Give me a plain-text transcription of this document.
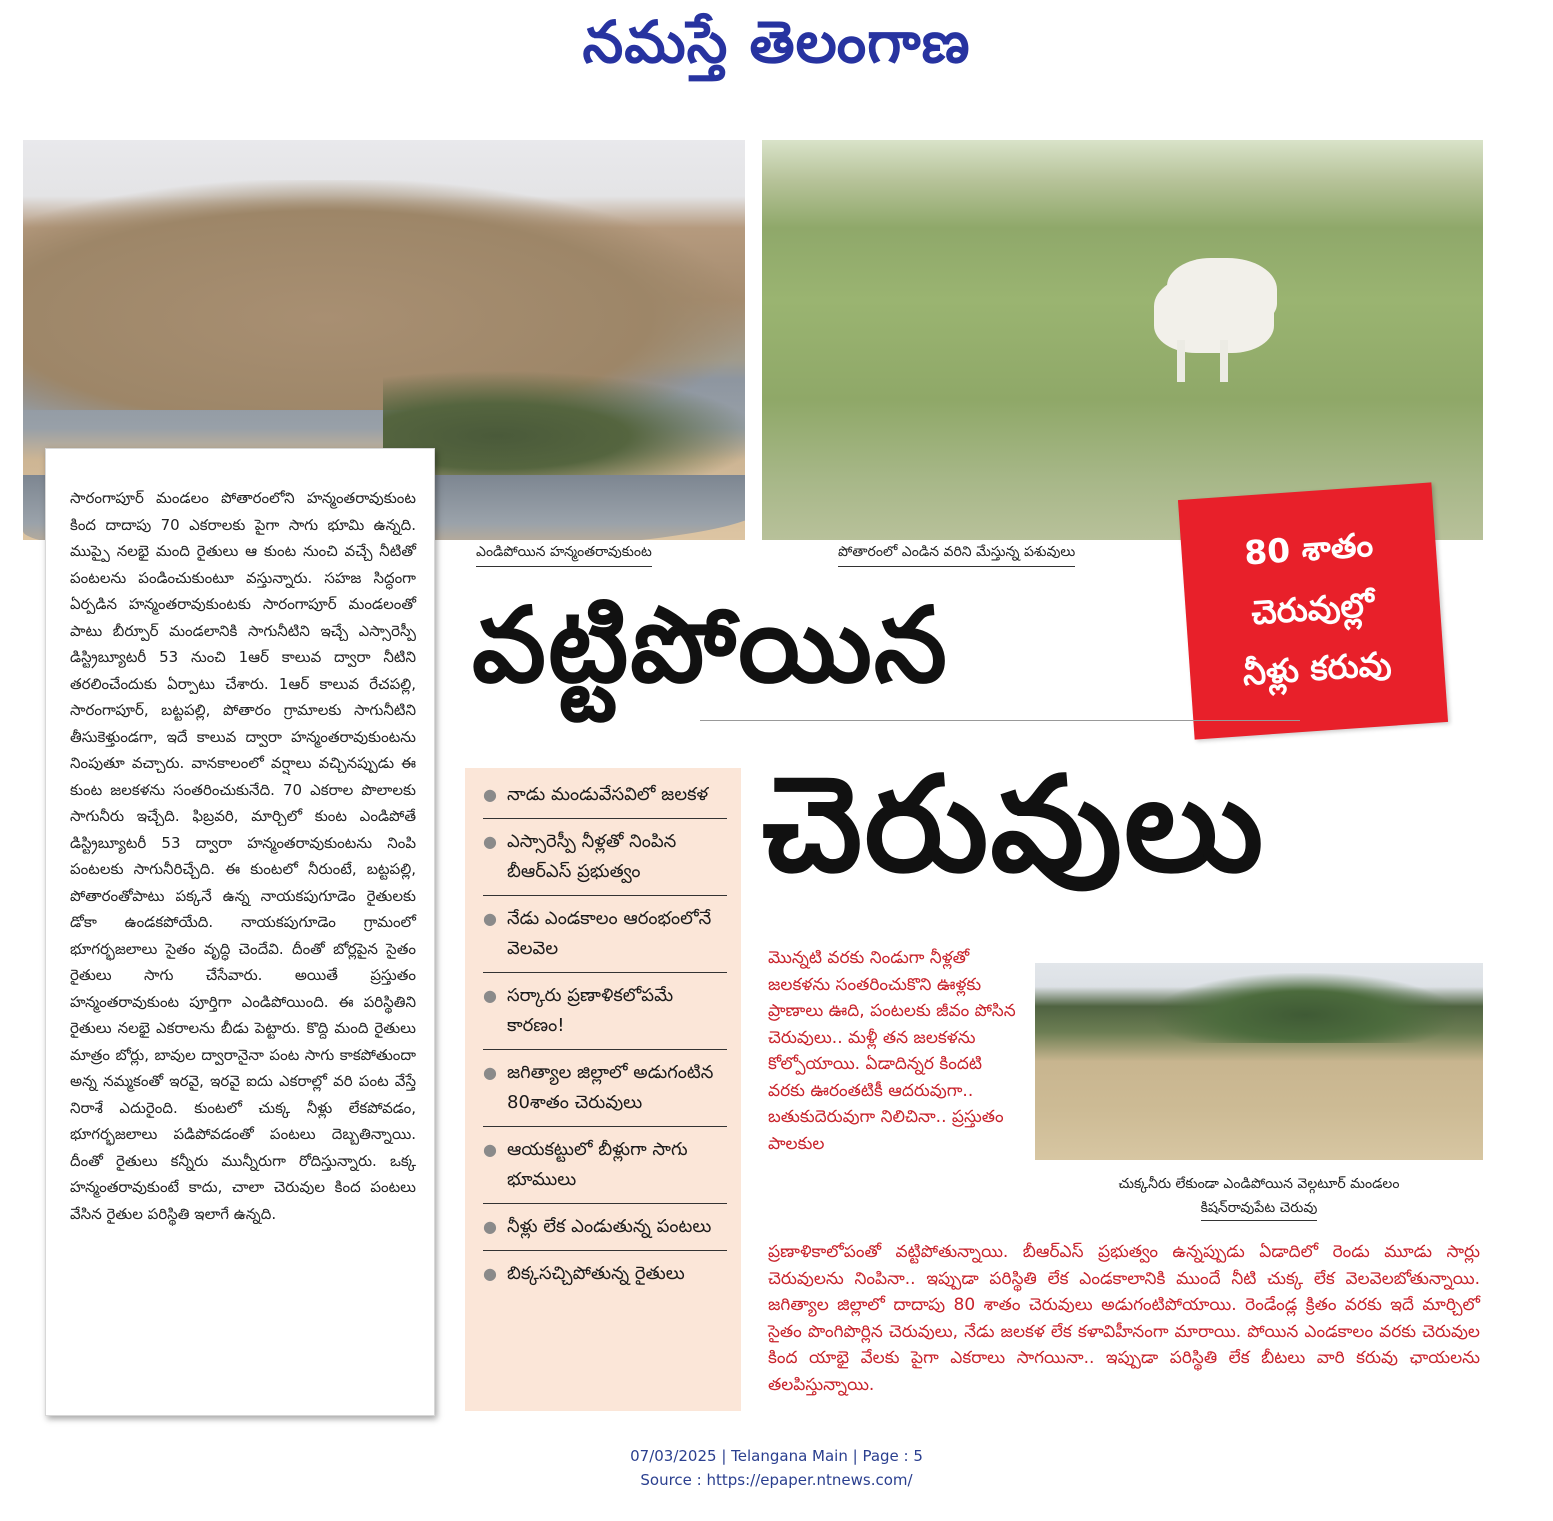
నమస్తే తెలంగాణ
ఎండిపోయిన హన్మంతరావుకుంట	పోతారంలో ఎండిన వరిని మేస్తున్న పశువులు	80 శాతం
చెరువుల్లో
నీళ్లు కరువు
వట్టిపోయిన
చెరువులు
సారంగాపూర్ మండలం పోతారంలోని హన్మంతరావుకుంట కింద దాదాపు 70 ఎకరాలకు పైగా సాగు భూమి ఉన్నది. ముప్పై నలభై మంది రైతులు ఆ కుంట నుంచి వచ్చే నీటితో పంటలను పండించుకుంటూ వస్తున్నారు. సహజ సిద్ధంగా ఏర్పడిన హన్మంతరావుకుంటకు సారంగాపూర్ మండలంతో పాటు బీర్పూర్ మండలానికి సాగునీటిని ఇచ్చే ఎస్సారెస్పీ డిస్ట్రిబ్యూటరీ 53 నుంచి 1ఆర్ కాలువ ద్వారా నీటిని తరలించేందుకు ఏర్పాటు చేశారు. 1ఆర్ కాలువ రేచపల్లి, సారంగాపూర్, బట్టపల్లి, పోతారం గ్రామాలకు సాగునీటిని తీసుకెళ్తుండగా, ఇదే కాలువ ద్వారా హన్మంతరావుకుంటను నింపుతూ వచ్చారు. వానకాలంలో వర్షాలు వచ్చినప్పుడు ఈ కుంట జలకళను సంతరించుకునేది. 70 ఎకరాల పొలాలకు సాగునీరు ఇచ్చేది. ఫిబ్రవరి, మార్చిలో కుంట ఎండిపోతే డిస్ట్రిబ్యూటరీ 53 ద్వారా హన్మంతరావుకుంటను నింపి పంటలకు సాగునీరిచ్చేది. ఈ కుంటలో నీరుంటే, బట్టపల్లి, పోతారంతోపాటు పక్కనే ఉన్న నాయకపుగూడెం రైతులకు డోకా ఉండకపోయేది. నాయకపుగూడెం గ్రామంలో భూగర్భజలాలు సైతం వృద్ధి చెందేవి. దీంతో బోర్లపైన సైతం రైతులు సాగు చేసేవారు. అయితే ప్రస్తుతం హన్మంతరావుకుంట పూర్తిగా ఎండిపోయింది. ఈ పరిస్థితిని రైతులు నలభై ఎకరాలను బీడు పెట్టారు. కొద్ది మంది రైతులు మాత్రం బోర్లు, బావుల ద్వారానైనా పంట సాగు కాకపోతుందా అన్న నమ్మకంతో ఇరవై, ఇరవై ఐదు ఎకరాల్లో వరి పంట వేస్తే నిరాశే ఎదురైంది. కుంటలో చుక్క నీళ్లు లేకపోవడం, భూగర్భజలాలు పడిపోవడంతో పంటలు దెబ్బతిన్నాయి. దీంతో రైతులు కన్నీరు మున్నీరుగా రోదిస్తున్నారు. ఒక్క హన్మంతరావుకుంటే కాదు, చాలా చెరువుల కింద పంటలు వేసిన రైతుల పరిస్థితి ఇలాగే ఉన్నది.
● నాడు మండువేసవిలో జలకళ
● ఎస్సారెస్పీ నీళ్లతో నింపిన బీఆర్‌ఎస్ ప్రభుత్వం
● నేడు ఎండకాలం ఆరంభంలోనే వెలవెల
● సర్కారు ప్రణాళికలోపమే కారణం!
● జగిత్యాల జిల్లాలో అడుగంటిన 80శాతం చెరువులు
● ఆయకట్టులో బీళ్లుగా సాగు భూములు
● నీళ్లు లేక ఎండుతున్న పంటలు
● బిక్కసచ్చిపోతున్న రైతులు
మొన్నటి వరకు నిండుగా నీళ్లతో జలకళను సంతరించుకొని ఊళ్లకు ప్రాణాలు ఊది, పంటలకు జీవం పోసిన చెరువులు.. మళ్లీ తన జలకళను కోల్పోయాయి. ఏడాదిన్నర కిందటి వరకు ఊరంతటికీ ఆదరువుగా.. బతుకుదెరువుగా నిలిచినా.. ప్రస్తుతం పాలకుల
చుక్కనీరు లేకుండా ఎండిపోయిన వెల్గటూర్ మండలం
కిషన్‌రావుపేట చెరువు
ప్రణాళికాలోపంతో వట్టిపోతున్నాయి. బీఆర్‌ఎస్ ప్రభుత్వం ఉన్నప్పుడు ఏడాదిలో రెండు మూడు సార్లు చెరువులను నింపినా.. ఇప్పుడా పరిస్థితి లేక ఎండకాలానికి ముందే నీటి చుక్క లేక వెలవెలబోతున్నాయి. జగిత్యాల జిల్లాలో దాదాపు 80 శాతం చెరువులు అడుగంటిపోయాయి. రెండేండ్ల క్రితం వరకు ఇదే మార్చిలో సైతం పొంగిపొర్లిన చెరువులు, నేడు జలకళ లేక కళావిహీనంగా మారాయి. పోయిన ఎండకాలం వరకు చెరువుల కింద యాభై వేలకు పైగా ఎకరాలు సాగయినా.. ఇప్పుడా పరిస్థితి లేక బీటలు వారి కరువు ఛాయలను తలపిస్తున్నాయి.
07/03/2025 | Telangana Main | Page : 5
Source : https://epaper.ntnews.com/
